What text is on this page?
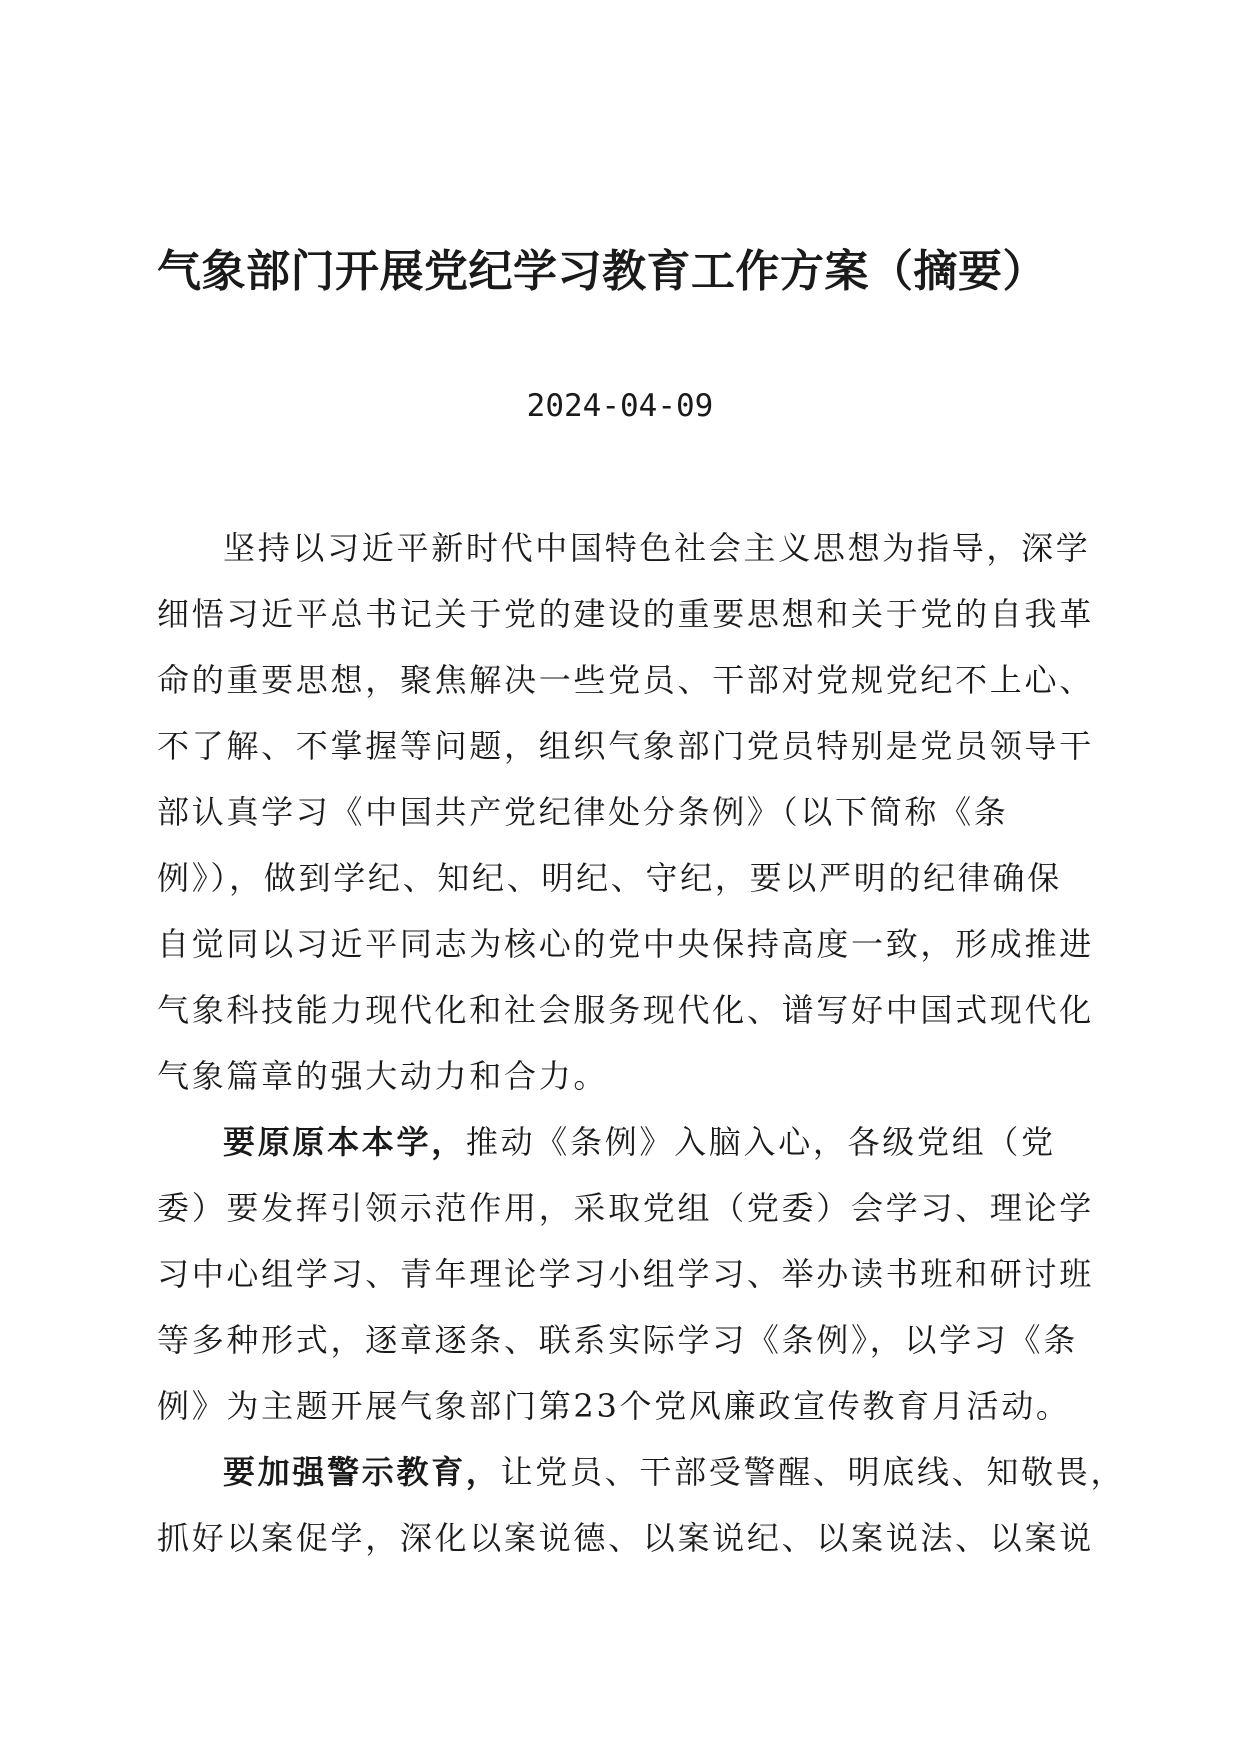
气象部门开展党纪学习教育工作方案（摘要）
2024-04-09
坚持以习近平新时代中国特色社会主义思想为指导，深学
细悟习近平总书记关于党的建设的重要思想和关于党的自我革
命的重要思想，聚焦解决一些党员、干部对党规党纪不上心、
不了解、不掌握等问题，组织气象部门党员特别是党员领导干
部认真学习《中国共产党纪律处分条例》（以下简称《条
例》），做到学纪、知纪、明纪、守纪，要以严明的纪律确保
自觉同以习近平同志为核心的党中央保持高度一致，形成推进
气象科技能力现代化和社会服务现代化、谱写好中国式现代化
气象篇章的强大动力和合力。
要原原本本学，推动《条例》入脑入心，各级党组（党
委）要发挥引领示范作用，采取党组（党委）会学习、理论学
习中心组学习、青年理论学习小组学习、举办读书班和研讨班
等多种形式，逐章逐条、联系实际学习《条例》，以学习《条
例》为主题开展气象部门第23个党风廉政宣传教育月活动。
要加强警示教育，让党员、干部受警醒、明底线、知敬畏，
抓好以案促学，深化以案说德、以案说纪、以案说法、以案说
